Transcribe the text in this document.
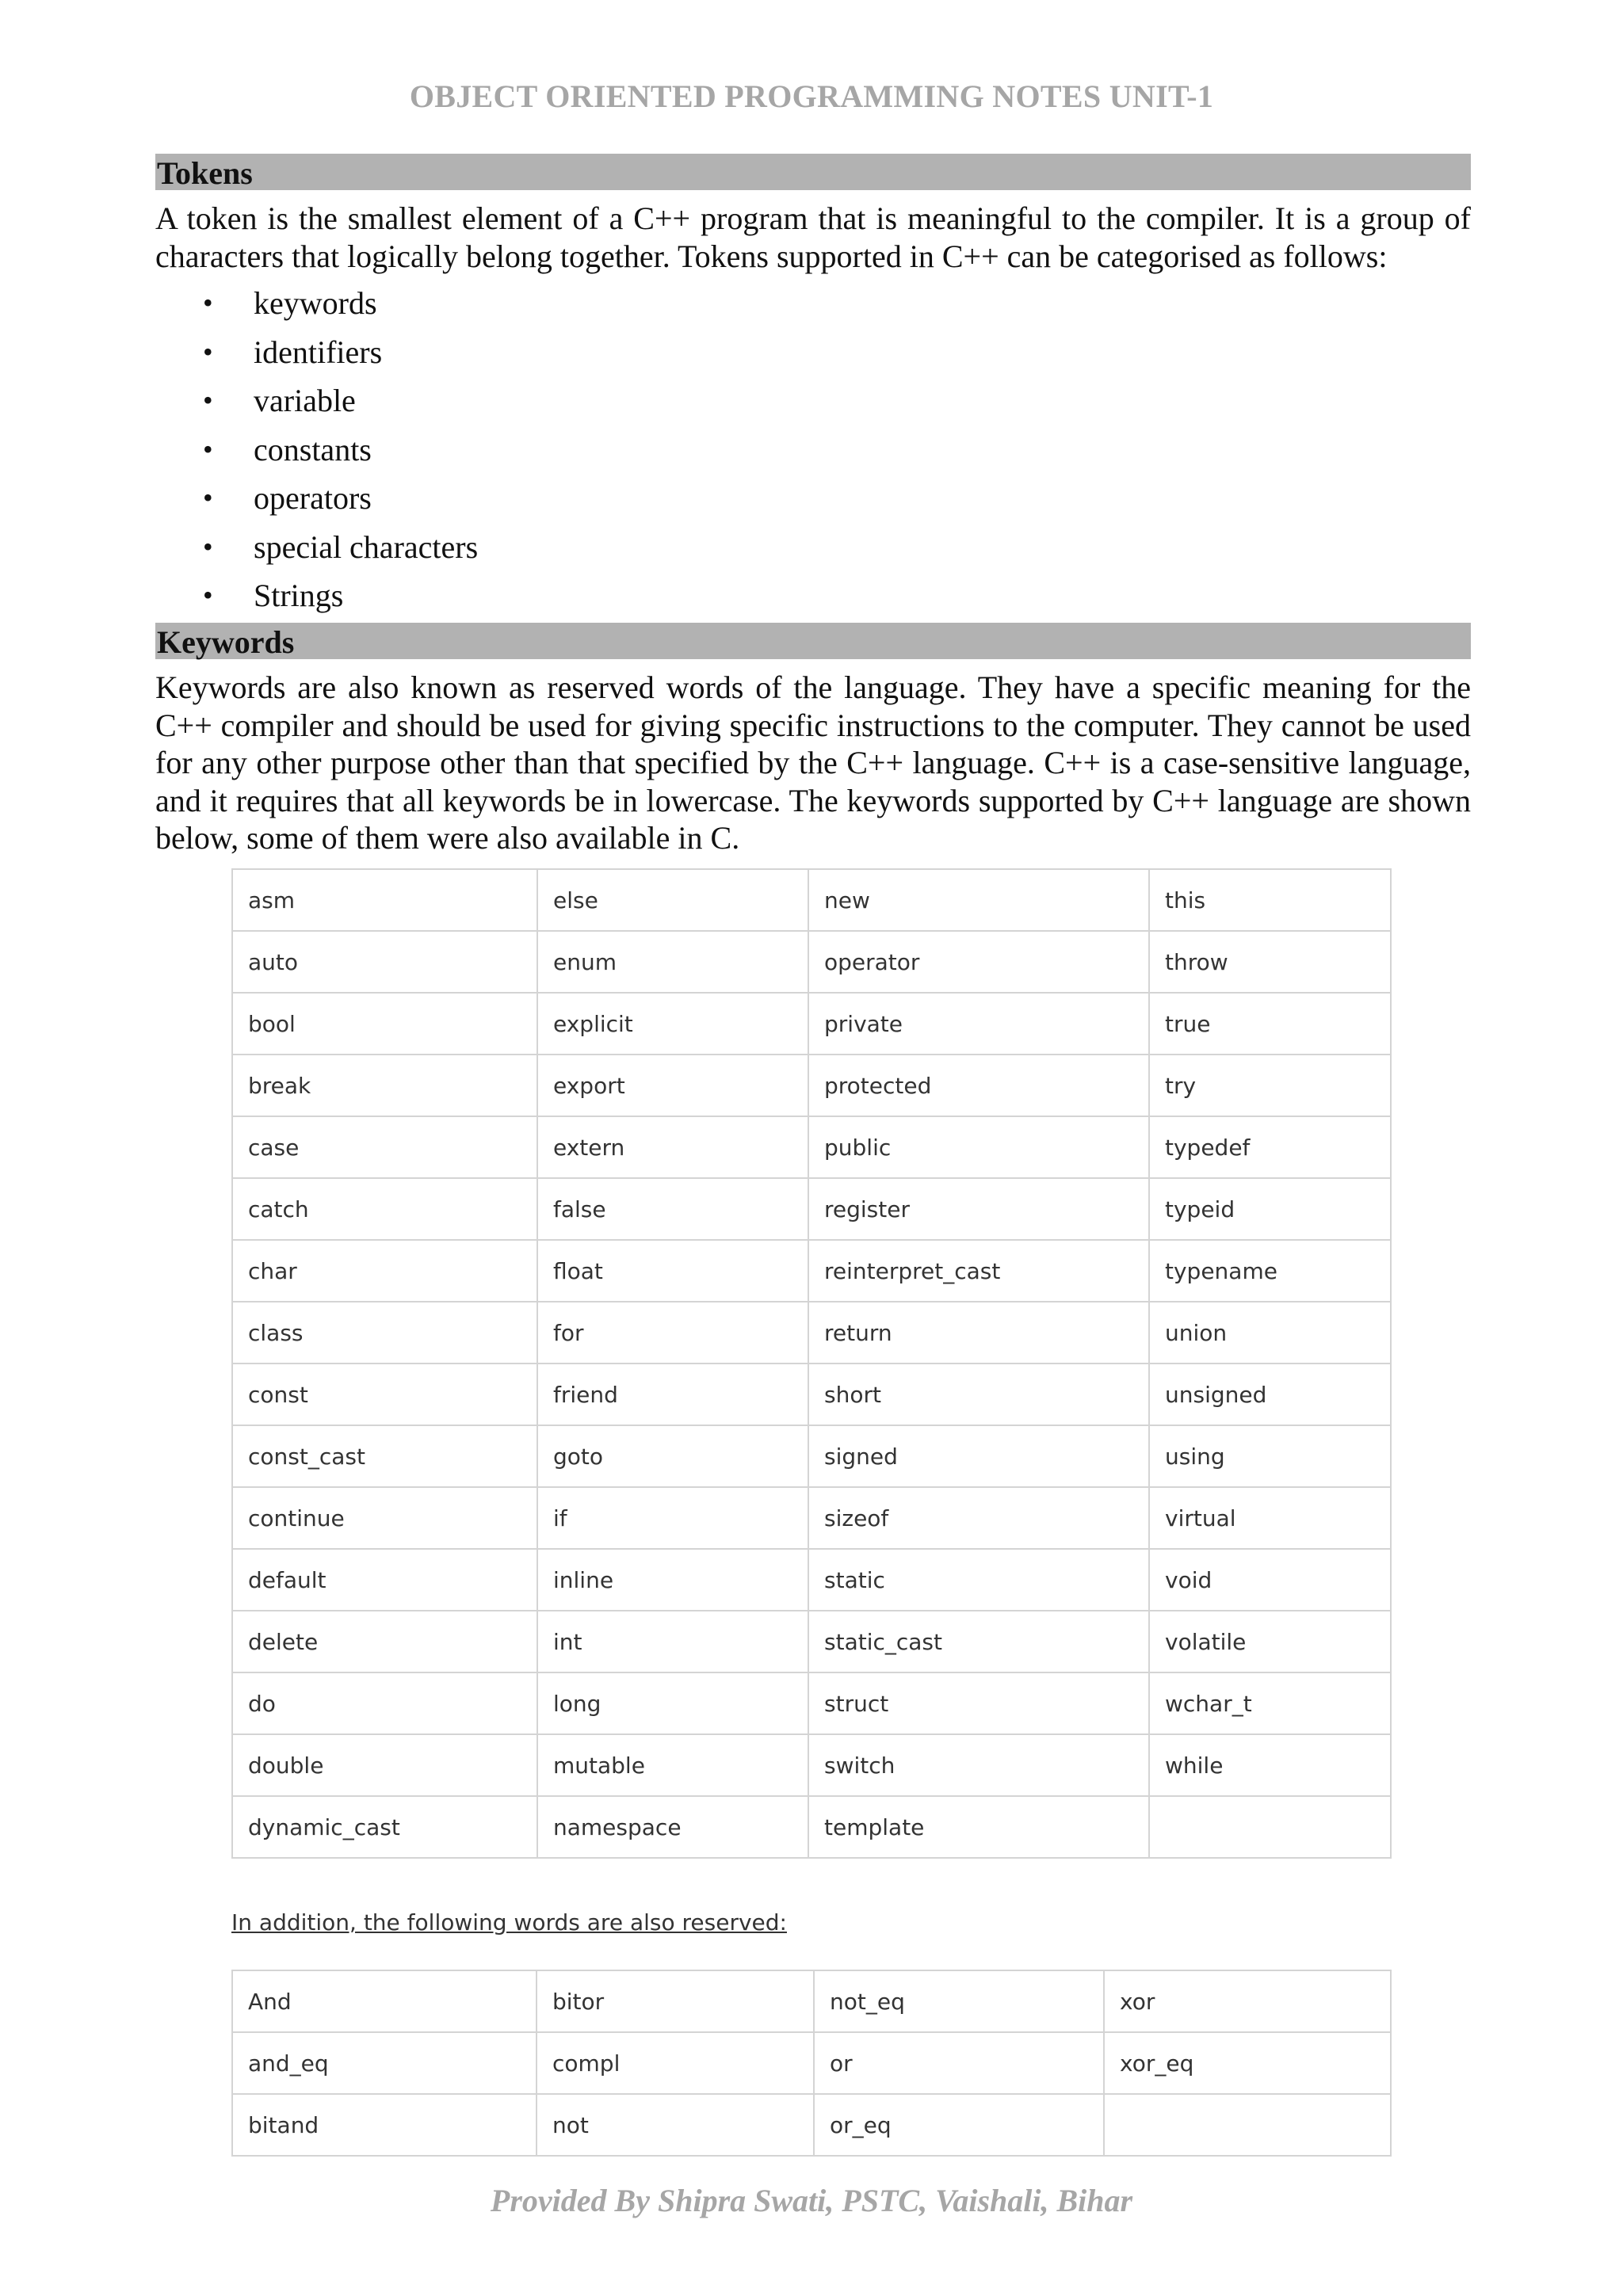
OBJECT ORIENTED PROGRAMMING NOTES UNIT-1
Tokens

A token is the smallest element of a C++ program that is meaningful to the compiler. It is a group of characters that logically belong together. Tokens supported in C++ can be categorised as follows:

• keywords
• identifiers
• variable
• constants
• operators
• special characters
• Strings
Keywords

Keywords are also known as reserved words of the language. They have a specific meaning for the C++ compiler and should be used for giving specific instructions to the computer. They cannot be used for any other purpose other than that specified by the C++ language. C++ is a case-sensitive language, and it requires that all keywords be in lowercase. The keywords supported by C++ language are shown below, some of them were also available in C.

asm	else	new	this
auto	enum	operator	throw
bool	explicit	private	true
break	export	protected	try
case	extern	public	typedef
catch	false	register	typeid
char	float	reinterpret_cast	typename
class	for	return	union
const	friend	short	unsigned
const_cast	goto	signed	using
continue	if	sizeof	virtual
default	inline	static	void
delete	int	static_cast	volatile
do	long	struct	wchar_t
double	mutable	switch	while
dynamic_cast	namespace	template	
In addition, the following words are also reserved:
And	bitor	not_eq	xor
and_eq	compl	or	xor_eq
bitand	not	or_eq	
Provided By Shipra Swati, PSTC, Vaishali, Bihar
